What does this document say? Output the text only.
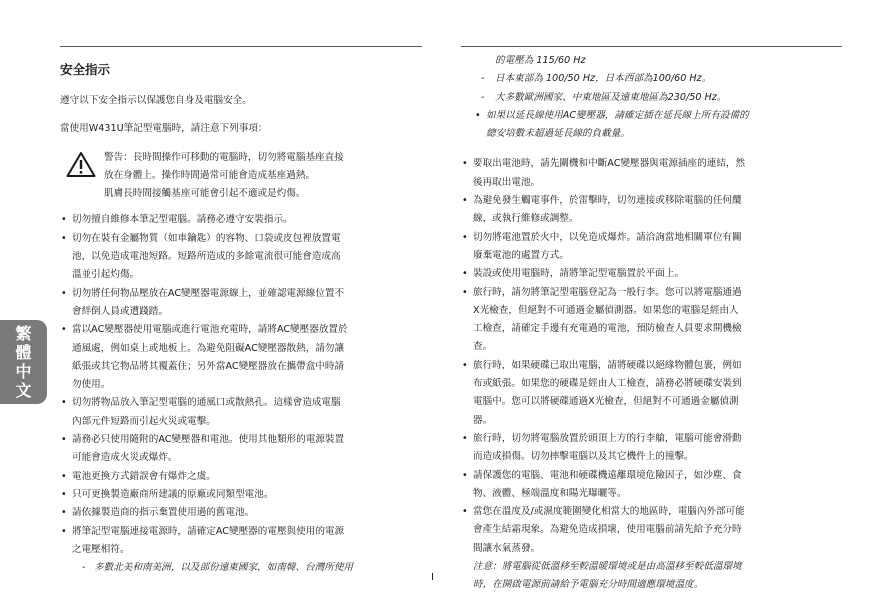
安全指示

遵守以下安全指示以保護您自身及電腦安全。

當使用W431U筆記型電腦時，請注意下列事項：

警告：長時間操作可移動的電腦時，切勿將電腦基座直接
放在身體上。操作時間過常可能會造成基座過熱。
肌膚長時間接觸基座可能會引起不適或是灼傷。
• 切勿擅自維修本筆記型電腦。請務必遵守安裝指示。
• 切勿在裝有金屬物質（如車鑰匙）的容物、口袋或皮包裡放置電
池，以免造成電池短路。短路所造成的多餘電流很可能會造成高
溫並引起灼傷。
• 切勿將任何物品壓放在AC變壓器電源線上，並確認電源線位置不
會絆倒人員或遭踐踏。
• 當以AC變壓器使用電腦或進行電池充電時，請將AC變壓器放置於
通風處，例如桌上或地板上。為避免阻礙AC變壓器散熱，請勿讓
紙張或其它物品將其覆蓋住；另外當AC變壓器放在攜帶盒中時請
勿使用。
• 切勿將物品放入筆記型電腦的通風口或散熱孔。這樣會造成電腦
內部元件短路而引起火災或電擊。
• 請務必只使用隨附的AC變壓器和電池。使用其他類形的電源裝置
可能會造成火災或爆炸。
• 電池更換方式錯誤會有爆炸之虞。
• 只可更換製造廠商所建議的原廠或同類型電池。
• 請依據製造商的指示棄置使用過的舊電池。
• 將筆記型電腦連接電源時，請確定AC變壓器的電壓與使用的電源
之電壓相符。
- 多數北美和南美洲，以及部份遠東國家，如南韓、台灣所使用
的電壓為 115/60 Hz
- 日本東部為 100/50 Hz，日本西部為100/60 Hz。
- 大多數歐洲國家、中東地區及遠東地區為230/50 Hz。
• 如果以延長線使用AC變壓器，請確定插在延長線上所有設備的
總安培數未超過延長線的負載量。
• 要取出電池時，請先關機和中斷AC變壓器與電源插座的連結，然
後再取出電池。
• 為避免發生觸電事件，於雷擊時，切勿連接或移除電腦的任何纜
線，或執行維修或調整。
• 切勿將電池置於火中，以免造成爆炸。請洽詢當地相關單位有關
廢棄電池的處置方式。
• 裝設或使用電腦時，請將筆記型電腦置於平面上。
• 旅行時，請勿將筆記型電腦登記為一般行李。您可以將電腦通過
X光檢查，但絕對不可通過金屬偵測器。如果您的電腦是經由人
工檢查，請確定手邊有充電過的電池，預防檢查人員要求開機檢
查。
• 旅行時，如果硬碟已取出電腦，請將硬碟以絕緣物體包裹，例如
布或紙張。如果您的硬碟是經由人工檢查，請務必將硬碟安裝到
電腦中。您可以將硬碟通過X光檢查，但絕對不可通過金屬偵測
器。
• 旅行時，切勿將電腦放置於頭頂上方的行李艙，電腦可能會滑動
而造成損傷。切勿摔擊電腦以及其它機件上的撞擊。
• 請保護您的電腦、電池和硬碟機遠離環境危險因子，如沙塵、食
物、液體、極端溫度和陽光曝曬等。
• 當您在溫度及/或濕度範圍變化相當大的地區時，電腦內外部可能
會產生結霜現象。為避免造成損壞，使用電腦前請先給予充分時
間讓水氣蒸發。
注意：將電腦從低溫移至較溫暖環境或是由高溫移至較低溫環境
時，在開啟電源前請給予電腦充分時間適應環境溫度。
繁
體
中
文
I
